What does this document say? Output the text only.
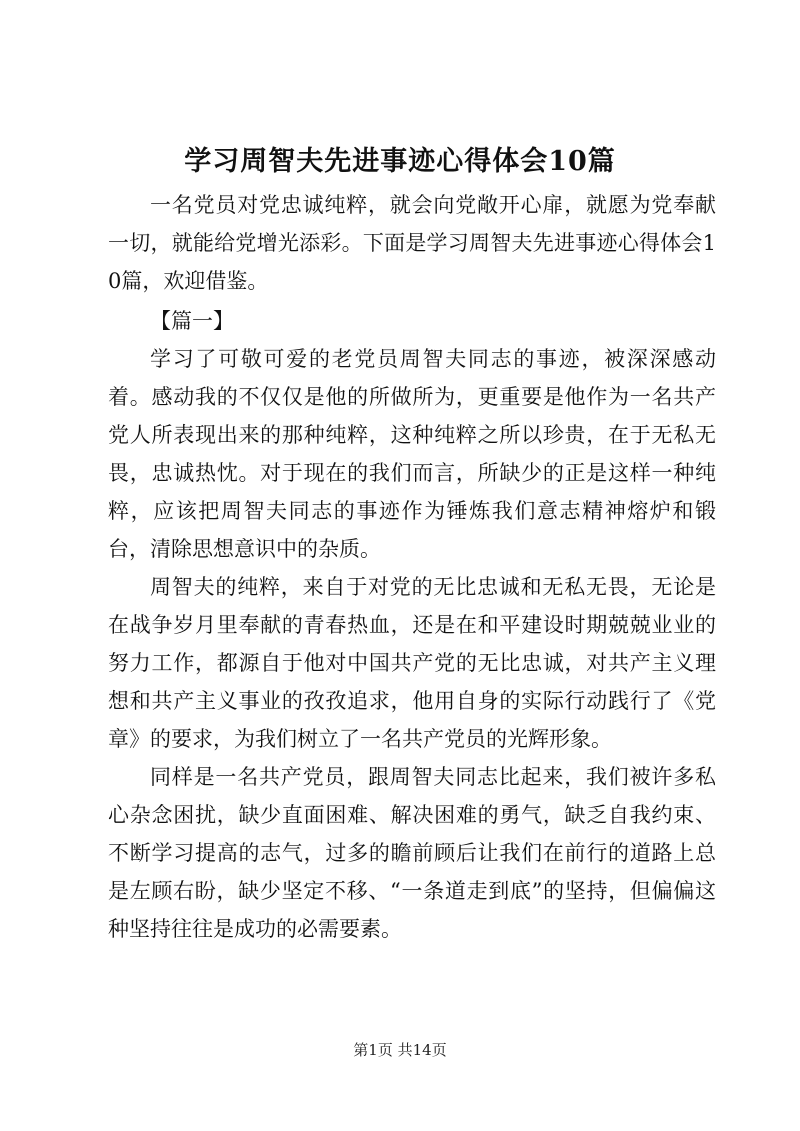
学习周智夫先进事迹心得体会10篇

一名党员对党忠诚纯粹，就会向党敞开心扉，就愿为党奉献一切，就能给党增光添彩。下面是学习周智夫先进事迹心得体会10篇，欢迎借鉴。

【篇一】

学习了可敬可爱的老党员周智夫同志的事迹，被深深感动着。感动我的不仅仅是他的所做所为，更重要是他作为一名共产党人所表现出来的那种纯粹，这种纯粹之所以珍贵，在于无私无畏，忠诚热忱。对于现在的我们而言，所缺少的正是这样一种纯粹，应该把周智夫同志的事迹作为锤炼我们意志精神熔炉和锻台，清除思想意识中的杂质。

周智夫的纯粹，来自于对党的无比忠诚和无私无畏，无论是在战争岁月里奉献的青春热血，还是在和平建设时期兢兢业业的努力工作，都源自于他对中国共产党的无比忠诚，对共产主义理想和共产主义事业的孜孜追求，他用自身的实际行动践行了《党章》的要求，为我们树立了一名共产党员的光辉形象。

同样是一名共产党员，跟周智夫同志比起来，我们被许多私心杂念困扰，缺少直面困难、解决困难的勇气，缺乏自我约束、不断学习提高的志气，过多的瞻前顾后让我们在前行的道路上总是左顾右盼，缺少坚定不移、“一条道走到底”的坚持，但偏偏这种坚持往往是成功的必需要素。

第1页 共14页
